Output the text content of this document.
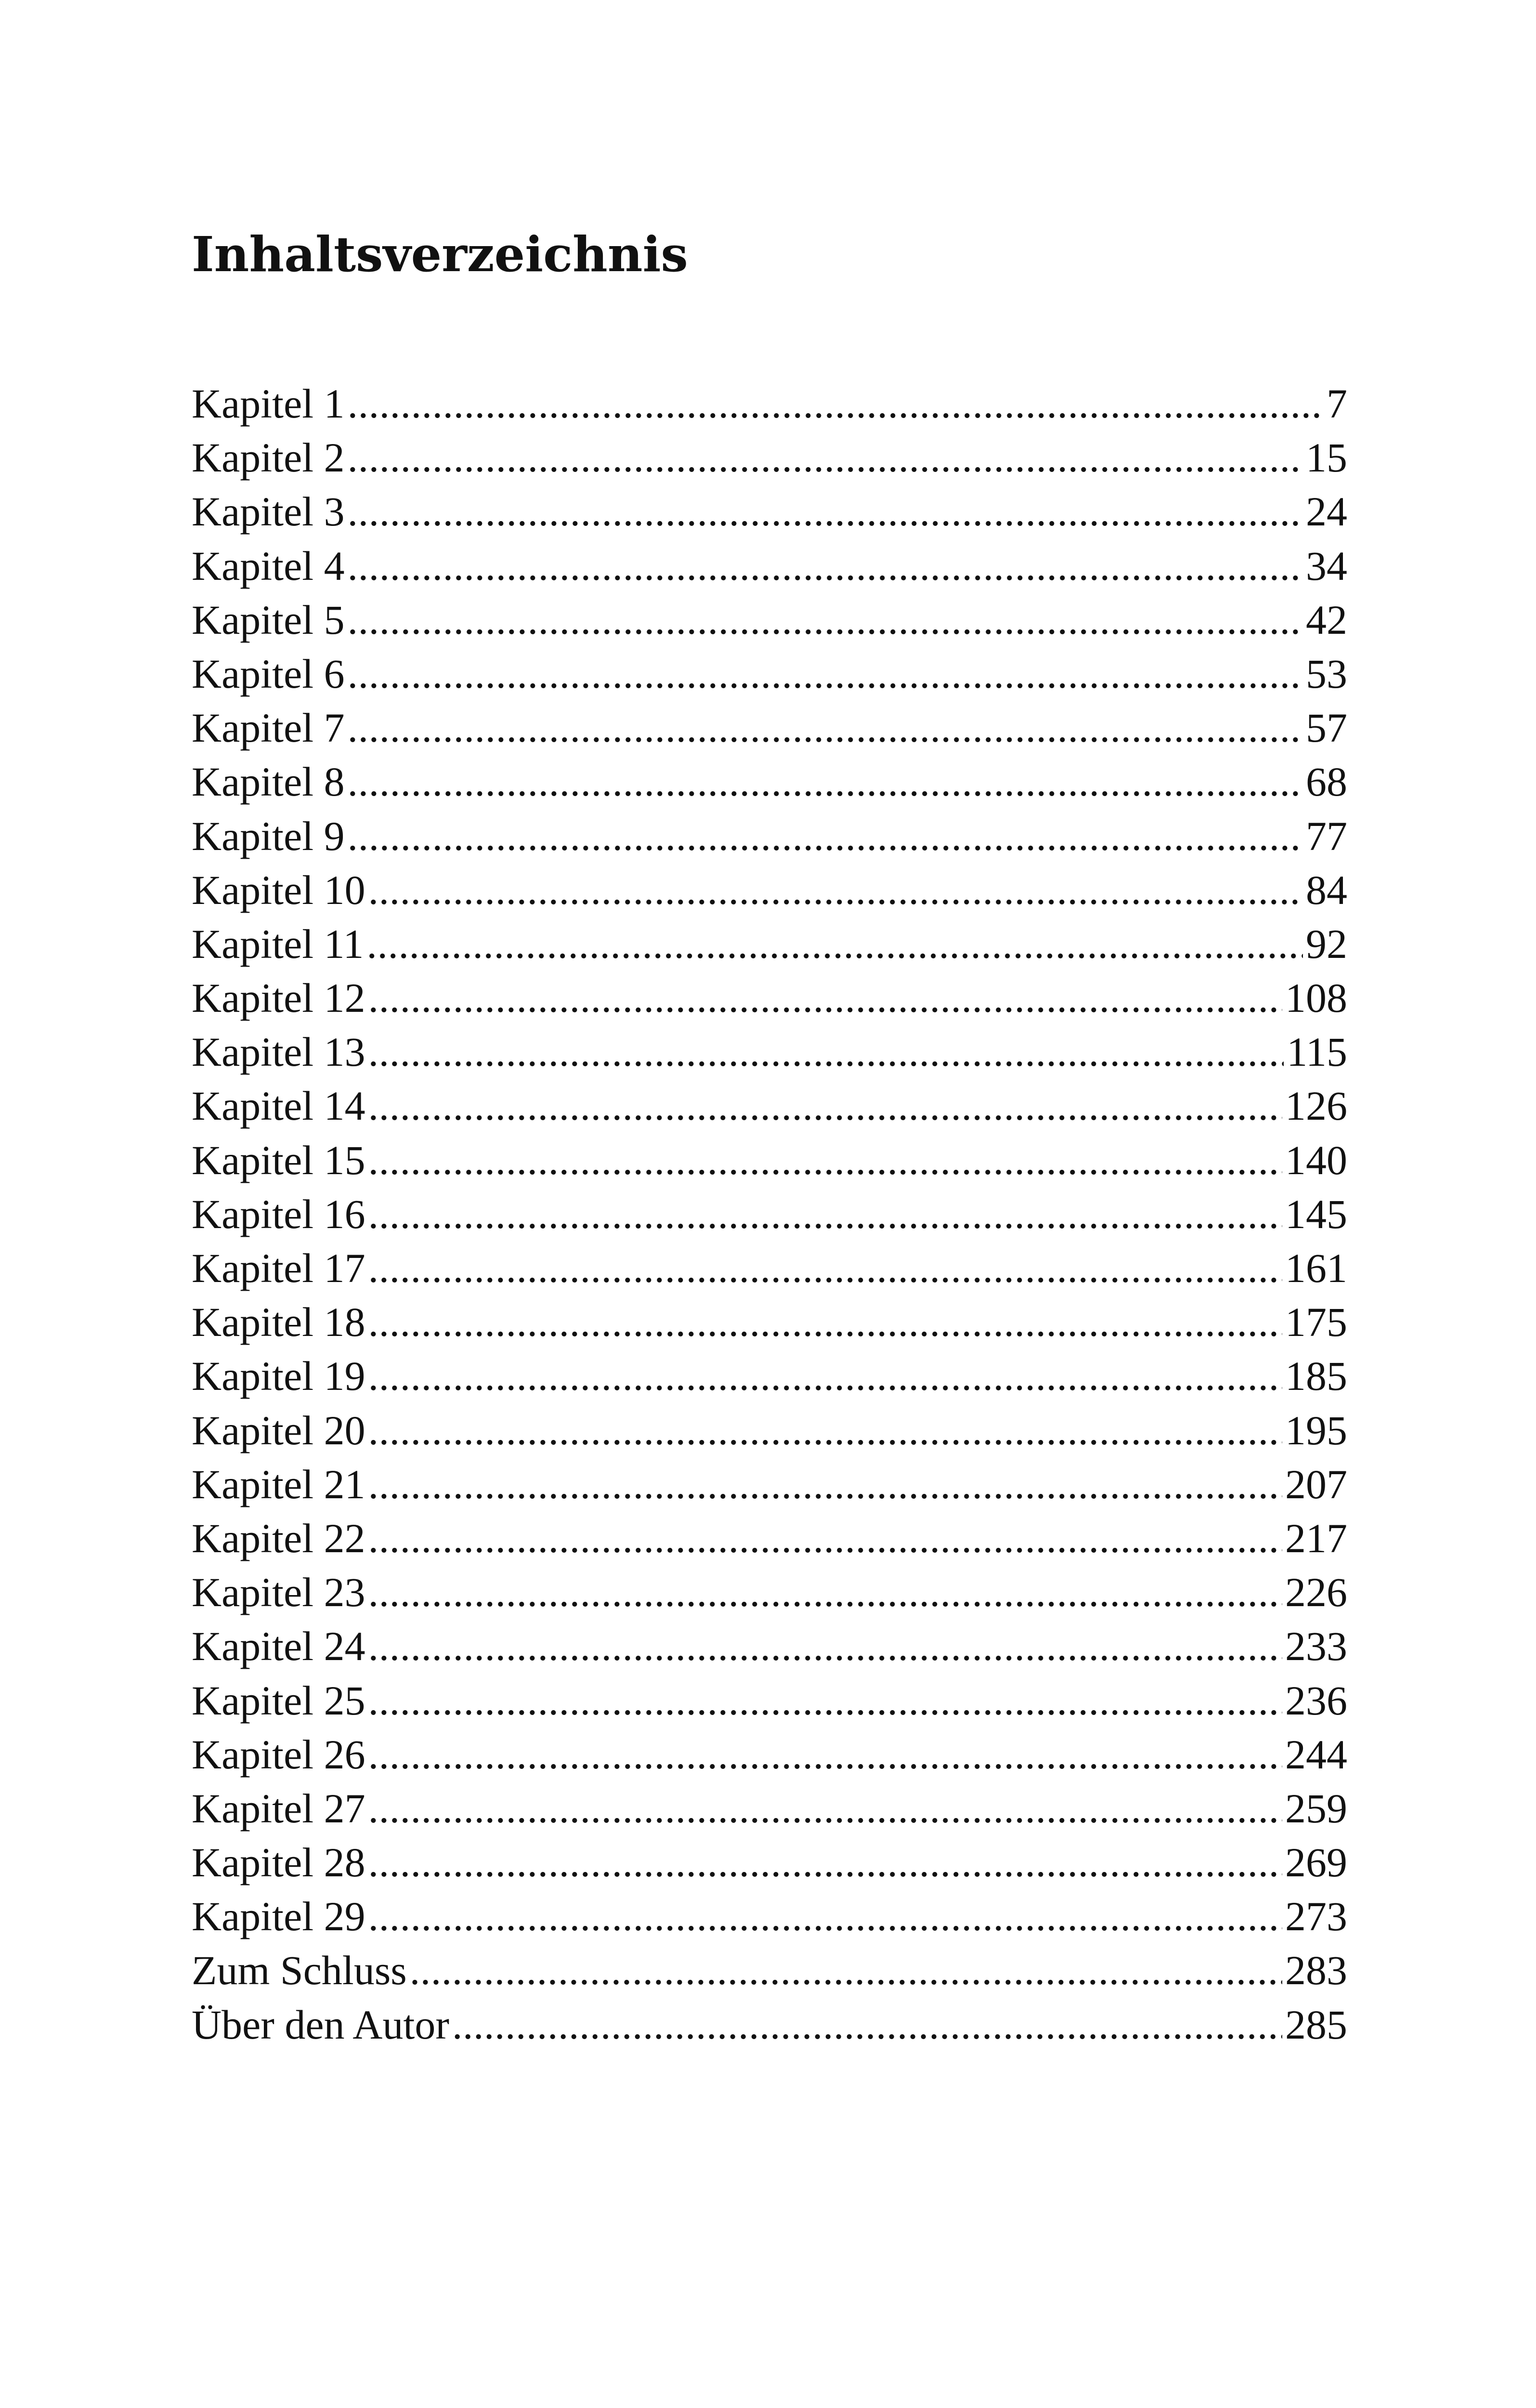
Inhaltsverzeichnis
Kapitel 1 .....	7
Kapitel 2 .....	15
Kapitel 3 .....	24
Kapitel 4 .....	34
Kapitel 5 .....	42
Kapitel 6 .....	53
Kapitel 7 .....	57
Kapitel 8 .....	68
Kapitel 9 .....	77
Kapitel 10 .....	84
Kapitel 11 .....	92
Kapitel 12 .....	108
Kapitel 13 .....	115
Kapitel 14 .....	126
Kapitel 15 .....	140
Kapitel 16 .....	145
Kapitel 17 .....	161
Kapitel 18 .....	175
Kapitel 19 .....	185
Kapitel 20 .....	195
Kapitel 21 .....	207
Kapitel 22 .....	217
Kapitel 23 .....	226
Kapitel 24 .....	233
Kapitel 25 .....	236
Kapitel 26 .....	244
Kapitel 27 .....	259
Kapitel 28 .....	269
Kapitel 29 .....	273
Zum Schluss .....	283
Über den Autor .....	285
